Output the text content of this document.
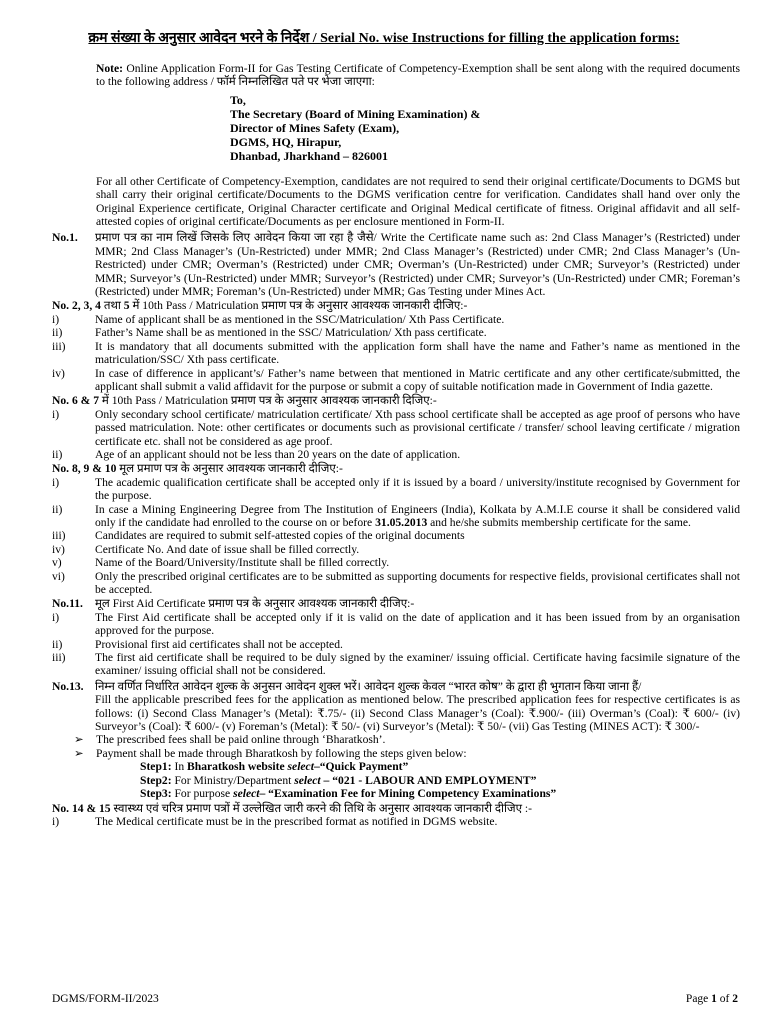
क्रम संख्या के अनुसार आवेदन भरने के निर्देश / Serial No. wise Instructions for filling the application forms:
Note: Online Application Form-II for Gas Testing Certificate of Competency-Exemption shall be sent along with the required documents to the following address / फॉर्म निम्नलिखित पते पर भेजा जाएगा:
To,
The Secretary (Board of Mining Examination) &
Director of Mines Safety (Exam),
DGMS, HQ, Hirapur,
Dhanbad, Jharkhand – 826001
For all other Certificate of Competency-Exemption, candidates are not required to send their original certificate/Documents to DGMS but shall carry their original certificate/Documents to the DGMS verification centre for verification. Candidates shall hand over only the Original Experience certificate, Original Character certificate and Original Medical certificate of fitness. Original affidavit and all self-attested copies of original certificate/Documents as per enclosure mentioned in Form-II.
No.1.	प्रमाण पत्र का नाम लिखें जिसके लिए आवेदन किया जा रहा है जैसे/ Write the Certificate name such as: 2nd Class Manager’s (Restricted) under MMR; 2nd Class Manager’s (Un-Restricted) under MMR; 2nd Class Manager’s (Restricted) under CMR; 2nd Class Manager’s (Un-Restricted) under CMR; Overman’s (Restricted) under CMR; Overman’s (Un-Restricted) under CMR; Surveyor’s (Restricted) under MMR; Surveyor’s (Un-Restricted) under MMR; Surveyor’s (Restricted) under CMR; Surveyor’s (Un-Restricted) under CMR; Foreman’s (Restricted) under MMR; Foreman’s (Un-Restricted) under MMR; Gas Testing under Mines Act.
No. 2, 3, 4 तथा 5 में 10th Pass / Matriculation प्रमाण पत्र के अनुसार आवश्यक जानकारी दीजिए:-
i)	Name of applicant shall be as mentioned in the SSC/Matriculation/ Xth Pass Certificate.
ii)	Father’s Name shall be as mentioned in the SSC/ Matriculation/ Xth pass certificate.
iii)	It is mandatory that all documents submitted with the application form shall have the name and Father’s name as mentioned in the matriculation/SSC/ Xth pass certificate.
iv)	In case of difference in applicant’s/ Father’s name between that mentioned in Matric certificate and any other certificate/submitted, the applicant shall submit a valid affidavit for the purpose or submit a copy of suitable notification made in Government of India gazette.
No. 6 & 7 में 10th Pass / Matriculation प्रमाण पत्र के अनुसार आवश्यक जानकारी दिजिए:-
i)	Only secondary school certificate/ matriculation certificate/ Xth pass school certificate shall be accepted as age proof of persons who have passed matriculation. Note: other certificates or documents such as provisional certificate / transfer/ school leaving certificate / migration certificate etc. shall not be considered as age proof.
ii)	Age of an applicant should not be less than 20 years on the date of application.
No. 8, 9 & 10 मूल प्रमाण पत्र के अनुसार आवश्यक जानकारी दीजिए:-
i)	The academic qualification certificate shall be accepted only if it is issued by a board / university/institute recognised by Government for the purpose.
ii)	In case a Mining Engineering Degree from The Institution of Engineers (India), Kolkata by A.M.I.E course it shall be considered valid only if the candidate had enrolled to the course on or before 31.05.2013 and he/she submits membership certificate for the same.
iii)	Candidates are required to submit self-attested copies of the original documents
iv)	Certificate No. And date of issue shall be filled correctly.
v)	Name of the Board/University/Institute shall be filled correctly.
vi)	Only the prescribed original certificates are to be submitted as supporting documents for respective fields, provisional certificates shall not be accepted.
No.11.	मूल First Aid Certificate प्रमाण पत्र के अनुसार आवश्यक जानकारी दीजिए:-
i)	The First Aid certificate shall be accepted only if it is valid on the date of application and it has been issued from by an organisation approved for the purpose.
ii)	Provisional first aid certificates shall not be accepted.
iii)	The first aid certificate shall be required to be duly signed by the examiner/ issuing official. Certificate having facsimile signature of the examiner/ issuing official shall not be considered.
No.13. निम्न वर्णित निर्धारित आवेदन शुल्क के अनुसन आवेदन शुक्ल भरें। आवेदन शुल्क केवल “भारत कोष” के द्वारा ही भुगतान किया जाना हैं/
Fill the applicable prescribed fees for the application as mentioned below. The prescribed application fees for respective certificates is as follows: (i) Second Class Manager’s (Metal): ₹.75/- (ii) Second Class Manager’s (Coal): ₹.900/- (iii) Overman’s (Coal): ₹ 600/- (iv) Surveyor’s (Coal): ₹ 600/- (v) Foreman’s (Metal): ₹ 50/- (vi) Surveyor’s (Metal): ₹ 50/- (vii) Gas Testing (MINES ACT): ₹ 300/-
➢	The prescribed fees shall be paid online through ‘Bharatkosh’.
➢	Payment shall be made through Bharatkosh by following the steps given below:
Step1: In Bharatkosh website select–“Quick Payment”
Step2: For Ministry/Department select – “021 - LABOUR AND EMPLOYMENT”
Step3: For purpose select– “Examination Fee for Mining Competency Examinations”
No. 14 & 15 स्वास्थ्य एवं चरित्र प्रमाण पत्रों में उल्लेखित जारी करने की तिथि के अनुसार आवश्यक जानकारी दीजिए :-
i)	The Medical certificate must be in the prescribed format as notified in DGMS website.
DGMS/FORM-II/2023	Page 1 of 2
